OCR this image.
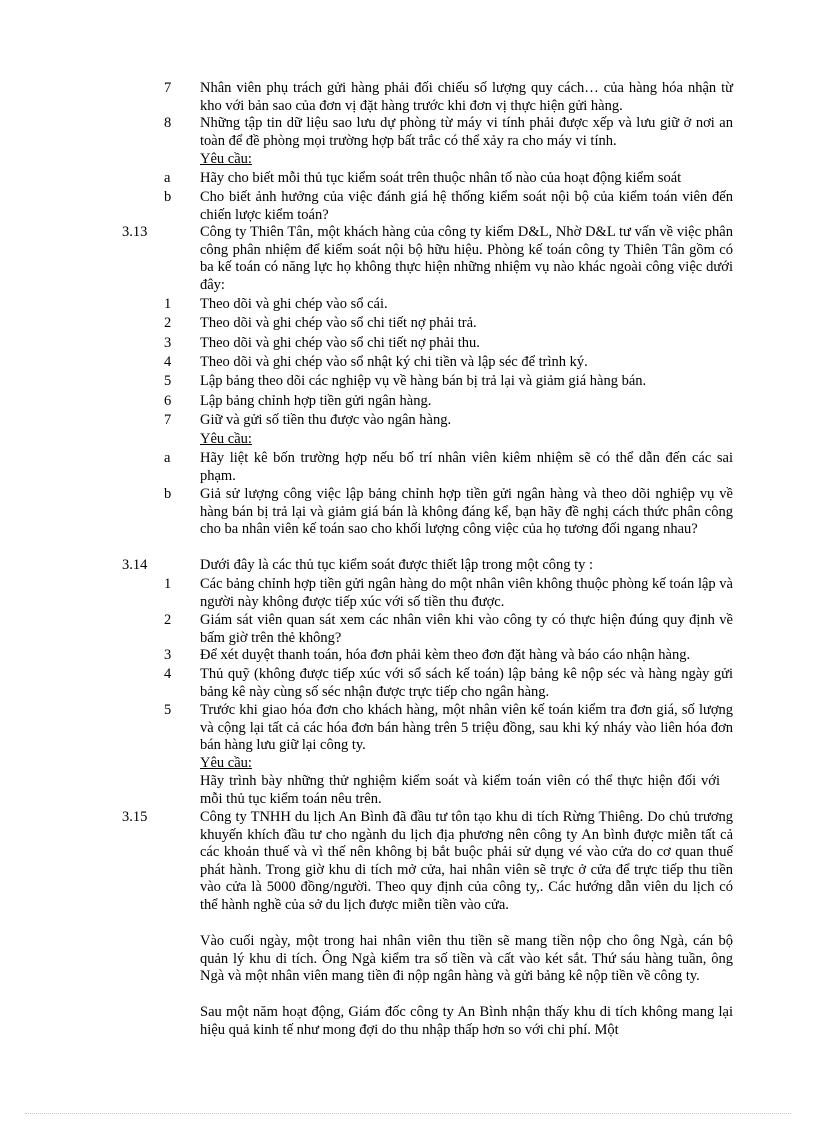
7	Nhân viên phụ trách gửi hàng phải đối chiếu số lượng quy cách… của hàng hóa nhận từ kho với bản sao của đơn vị đặt hàng trước khi đơn vị thực hiện gửi hàng.
8	Những tập tin dữ liệu sao lưu dự phòng từ máy vi tính phải được xếp và lưu giữ ở nơi an toàn để đề phòng mọi trường hợp bất trắc có thể xảy ra cho máy vi tính.
Yêu cầu:
a	Hãy cho biết mỗi thủ tục kiểm soát trên thuộc nhân tố nào của hoạt động kiểm soát
b	Cho biết ảnh hưởng của việc đánh giá hệ thống kiểm soát nội bộ của kiểm toán viên đến chiến lược kiểm toán?
3.13	Công ty Thiên Tân, một khách hàng của công ty kiểm D&L, Nhờ D&L tư vấn về việc phân công phân nhiệm để kiểm soát nội bộ hữu hiệu. Phòng kế toán công ty Thiên Tân gồm có ba kế toán có năng lực họ không thực hiện những nhiệm vụ nào khác ngoài công việc dưới đây:
1	Theo dõi và ghi chép vào sổ cái.
2	Theo dõi và ghi chép vào sổ chi tiết nợ phải trả.
3	Theo dõi và ghi chép vào sổ chi tiết nợ phải thu.
4	Theo dõi và ghi chép vào sổ nhật ký chi tiền và lập séc để trình ký.
5	Lập bảng theo dõi các nghiệp vụ về hàng bán bị trả lại và giảm giá hàng bán.
6	Lập bảng chỉnh hợp tiền gửi ngân hàng.
7	Giữ và gửi số tiền thu được vào ngân hàng.
Yêu cầu:
a	Hãy liệt kê bốn trường hợp nếu bố trí nhân viên kiêm nhiệm sẽ có thể dẫn đến các sai phạm.
b	Giả sử lượng công việc lập bảng chỉnh hợp tiền gửi ngân hàng và theo dõi nghiệp vụ về hàng bán bị trả lại và giảm giá bán là không đáng kể, bạn hãy đề nghị cách thức phân công cho ba nhân viên kế toán sao cho khối lượng công việc của họ tương đối ngang nhau?
3.14	Dưới đây là các thủ tục kiểm soát được thiết lập trong một công ty :
1	Các bảng chỉnh hợp tiền gửi ngân hàng do một nhân viên không thuộc phòng kế toán lập và người này không được tiếp xúc với số tiền thu được.
2	Giám sát viên quan sát xem các nhân viên khi vào công ty có thực hiện đúng quy định về bấm giờ trên thẻ không?
3	Để xét duyệt thanh toán, hóa đơn phải kèm theo đơn đặt hàng và báo cáo nhận hàng.
4	Thủ quỹ (không được tiếp xúc với sổ sách kế toán) lập bảng kê nộp séc và hàng ngày gửi bảng kê này cùng số séc nhận được trực tiếp cho ngân hàng.
5	Trước khi giao hóa đơn cho khách hàng, một nhân viên kế toán kiểm tra đơn giá, số lượng và cộng lại tất cả các hóa đơn bán hàng trên 5 triệu đồng, sau khi ký nháy vào liên hóa đơn bán hàng lưu giữ lại công ty.
Yêu cầu:
Hãy trình bày những thử nghiệm kiểm soát và kiểm toán viên có thể thực hiện đối với mỗi thủ tục kiểm toán nêu trên.
3.15	Công ty TNHH du lịch An Bình đã đầu tư tôn tạo khu di tích Rừng Thiêng. Do chủ trương khuyến khích đầu tư cho ngành du lịch địa phương nên công ty An bình được miễn tất cả các khoản thuế và vì thế nên không bị bắt buộc phải sử dụng vé vào cửa do cơ quan thuế phát hành. Trong giờ khu di tích mở cửa, hai nhân viên sẽ trực ở cửa để trực tiếp thu tiền vào cửa là 5000 đồng/người. Theo quy định của công ty,. Các hướng dẫn viên du lịch có thể hành nghề của sở du lịch được miễn tiền vào cửa.
Vào cuối ngày, một trong hai nhân viên thu tiền sẽ mang tiền nộp cho ông Ngà, cán bộ quản lý khu di tích. Ông Ngà kiểm tra số tiền và cất vào két sắt. Thứ sáu hàng tuần, ông Ngà và một nhân viên mang tiền đi nộp ngân hàng và gửi bảng kê nộp tiền về công ty.
Sau một năm hoạt động, Giám đốc công ty An Bình nhận thấy khu di tích không mang lại hiệu quả kinh tế như mong đợi do thu nhập thấp hơn so với chi phí. Một
